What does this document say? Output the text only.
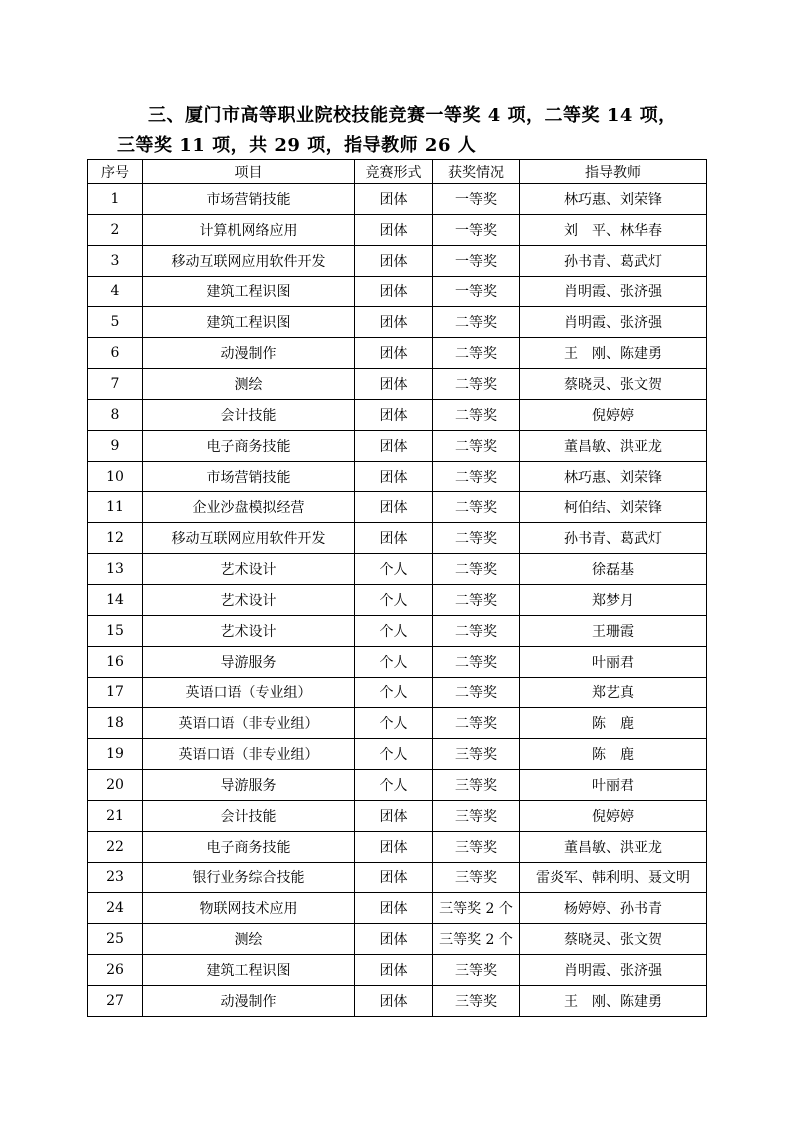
三、厦门市高等职业院校技能竞赛一等奖 4 项，二等奖 14 项，
三等奖 11 项，共 29 项，指导教师 26 人
序号	项目	竞赛形式	获奖情况	指导教师
1	市场营销技能	团体	一等奖	林巧惠、刘荣锋
2	计算机网络应用	团体	一等奖	刘　平、林华春
3	移动互联网应用软件开发	团体	一等奖	孙书青、葛武灯
4	建筑工程识图	团体	一等奖	肖明霞、张济强
5	建筑工程识图	团体	二等奖	肖明霞、张济强
6	动漫制作	团体	二等奖	王　刚、陈建勇
7	测绘	团体	二等奖	蔡晓灵、张文贺
8	会计技能	团体	二等奖	倪婷婷
9	电子商务技能	团体	二等奖	董昌敏、洪亚龙
10	市场营销技能	团体	二等奖	林巧惠、刘荣锋
11	企业沙盘模拟经营	团体	二等奖	柯伯结、刘荣锋
12	移动互联网应用软件开发	团体	二等奖	孙书青、葛武灯
13	艺术设计	个人	二等奖	徐磊基
14	艺术设计	个人	二等奖	郑梦月
15	艺术设计	个人	二等奖	王珊霞
16	导游服务	个人	二等奖	叶丽君
17	英语口语（专业组）	个人	二等奖	郑艺真
18	英语口语（非专业组）	个人	二等奖	陈　鹿
19	英语口语（非专业组）	个人	三等奖	陈　鹿
20	导游服务	个人	三等奖	叶丽君
21	会计技能	团体	三等奖	倪婷婷
22	电子商务技能	团体	三等奖	董昌敏、洪亚龙
23	银行业务综合技能	团体	三等奖	雷炎军、韩利明、聂文明
24	物联网技术应用	团体	三等奖 2 个	杨婷婷、孙书青
25	测绘	团体	三等奖 2 个	蔡晓灵、张文贺
26	建筑工程识图	团体	三等奖	肖明霞、张济强
27	动漫制作	团体	三等奖	王　刚、陈建勇
